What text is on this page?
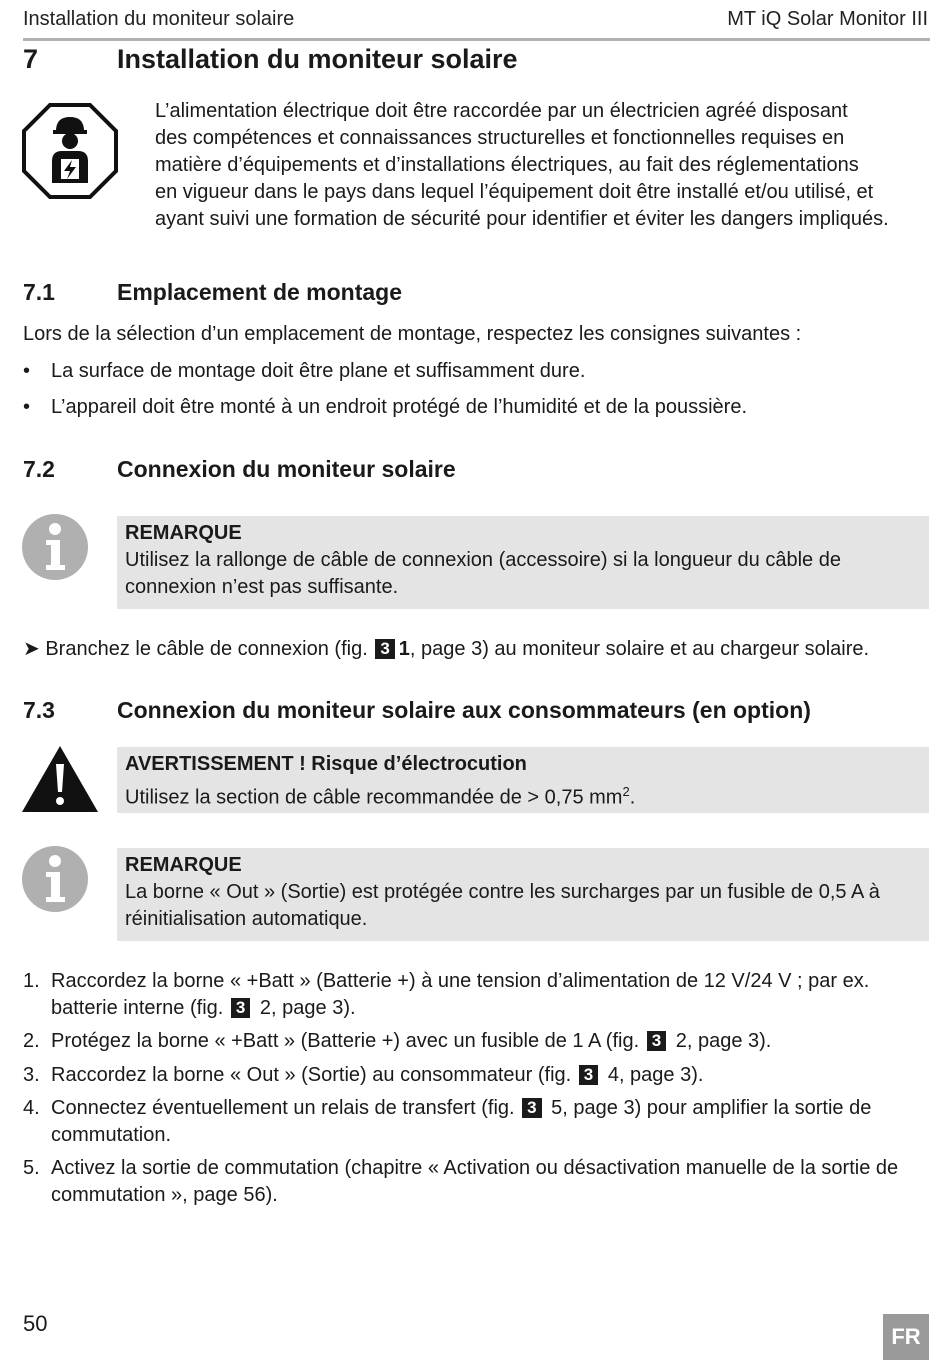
Installation du moniteur solaire	MT iQ Solar Monitor III
7	Installation du moniteur solaire
L’alimentation électrique doit être raccordée par un électricien agréé disposant
des compétences et connaissances structurelles et fonctionnelles requises en
matière d’équipements et d’installations électriques, au fait des réglementations
en vigueur dans le pays dans lequel l’équipement doit être installé et/ou utilisé, et
ayant suivi une formation de sécurité pour identifier et éviter les dangers impliqués.
7.1	Emplacement de montage
Lors de la sélection d’un emplacement de montage, respectez les consignes suivantes :
• La surface de montage doit être plane et suffisamment dure.
• L’appareil doit être monté à un endroit protégé de l’humidité et de la poussière.
7.2	Connexion du moniteur solaire
REMARQUE
Utilisez la rallonge de câble de connexion (accessoire) si la longueur du câble de
connexion n’est pas suffisante.
➤ Branchez le câble de connexion (fig. 3 1, page 3) au moniteur solaire et au chargeur solaire.
7.3	Connexion du moniteur solaire aux consommateurs (en option)
AVERTISSEMENT ! Risque d’électrocution
Utilisez la section de câble recommandée de > 0,75 $mm^2$.
REMARQUE
La borne « Out » (Sortie) est protégée contre les surcharges par un fusible de 0,5 A à
réinitialisation automatique.
1. Raccordez la borne « +Batt » (Batterie +) à une tension d’alimentation de 12 V/24 V ; par ex. batterie interne (fig. 3 2, page 3).
2. Protégez la borne « +Batt » (Batterie +) avec un fusible de 1 A (fig. 3 2, page 3).
3. Raccordez la borne « Out » (Sortie) au consommateur (fig. 3 4, page 3).
4. Connectez éventuellement un relais de transfert (fig. 3 5, page 3) pour amplifier la sortie de commutation.
5. Activez la sortie de commutation (chapitre « Activation ou désactivation manuelle de la sortie de commutation », page 56).
50
FR
